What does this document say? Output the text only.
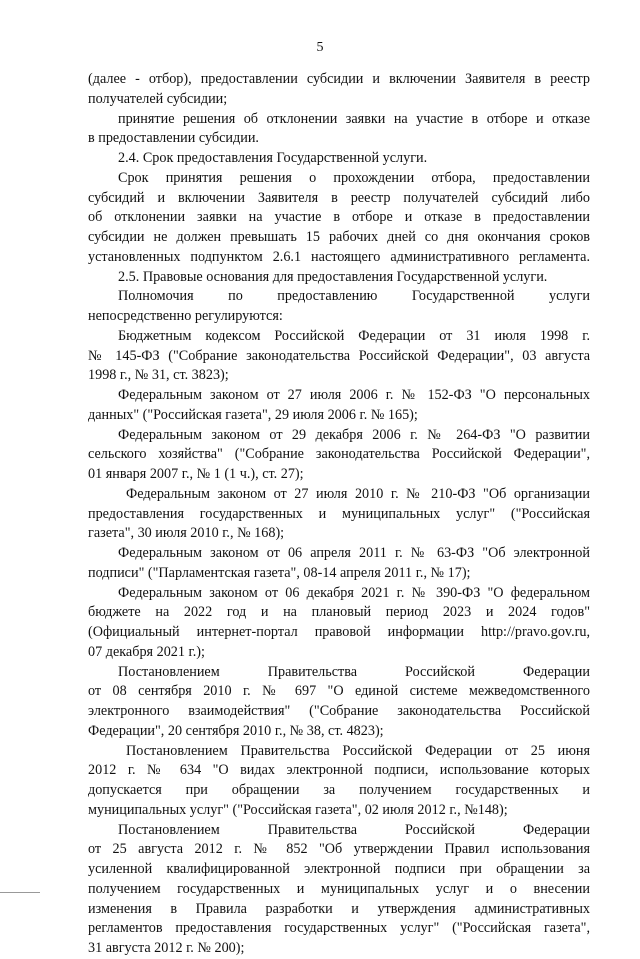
5
(далее - отбор), предоставлении субсидии и включении Заявителя в реестр
получателей субсидии;
принятие решения об отклонении заявки на участие в отборе и отказе
в предоставлении субсидии.
2.4. Срок предоставления Государственной услуги.
Срок принятия решения о прохождении отбора, предоставлении
субсидий и включении Заявителя в реестр получателей субсидий либо
об отклонении заявки на участие в отборе и отказе в предоставлении
субсидии не должен превышать 15 рабочих дней со дня окончания сроков
установленных подпунктом 2.6.1 настоящего административного регламента.
2.5. Правовые основания для предоставления Государственной услуги.
Полномочия по предоставлению Государственной услуги
непосредственно регулируются:
Бюджетным кодексом Российской Федерации от 31 июля 1998 г.
№ 145-ФЗ ("Собрание законодательства Российской Федерации", 03 августа
1998 г., № 31, ст. 3823);
Федеральным законом от 27 июля 2006 г. № 152-ФЗ "О персональных
данных" ("Российская газета", 29 июля 2006 г. № 165);
Федеральным законом от 29 декабря 2006 г. № 264-ФЗ "О развитии
сельского хозяйства" ("Собрание законодательства Российской Федерации",
01 января 2007 г., № 1 (1 ч.), ст. 27);
Федеральным законом от 27 июля 2010 г. № 210-ФЗ "Об организации
предоставления государственных и муниципальных услуг" ("Российская
газета", 30 июля 2010 г., № 168);
Федеральным законом от 06 апреля 2011 г. № 63-ФЗ "Об электронной
подписи" ("Парламентская газета", 08-14 апреля 2011 г., № 17);
Федеральным законом от 06 декабря 2021 г. № 390-ФЗ "О федеральном
бюджете на 2022 год и на плановый период 2023 и 2024 годов"
(Официальный интернет-портал правовой информации http://pravo.gov.ru,
07 декабря 2021 г.);
Постановлением Правительства Российской Федерации
от 08 сентября 2010 г. № 697 "О единой системе межведомственного
электронного взаимодействия" ("Собрание законодательства Российской
Федерации", 20 сентября 2010 г., № 38, ст. 4823);
Постановлением Правительства Российской Федерации от 25 июня
2012 г. № 634 "О видах электронной подписи, использование которых
допускается при обращении за получением государственных и
муниципальных услуг" ("Российская газета", 02 июля 2012 г., №148);
Постановлением Правительства Российской Федерации
от 25 августа 2012 г. № 852 "Об утверждении Правил использования
усиленной квалифицированной электронной подписи при обращении за
получением государственных и муниципальных услуг и о внесении
изменения в Правила разработки и утверждения административных
регламентов предоставления государственных услуг" ("Российская газета",
31 августа 2012 г. № 200);
